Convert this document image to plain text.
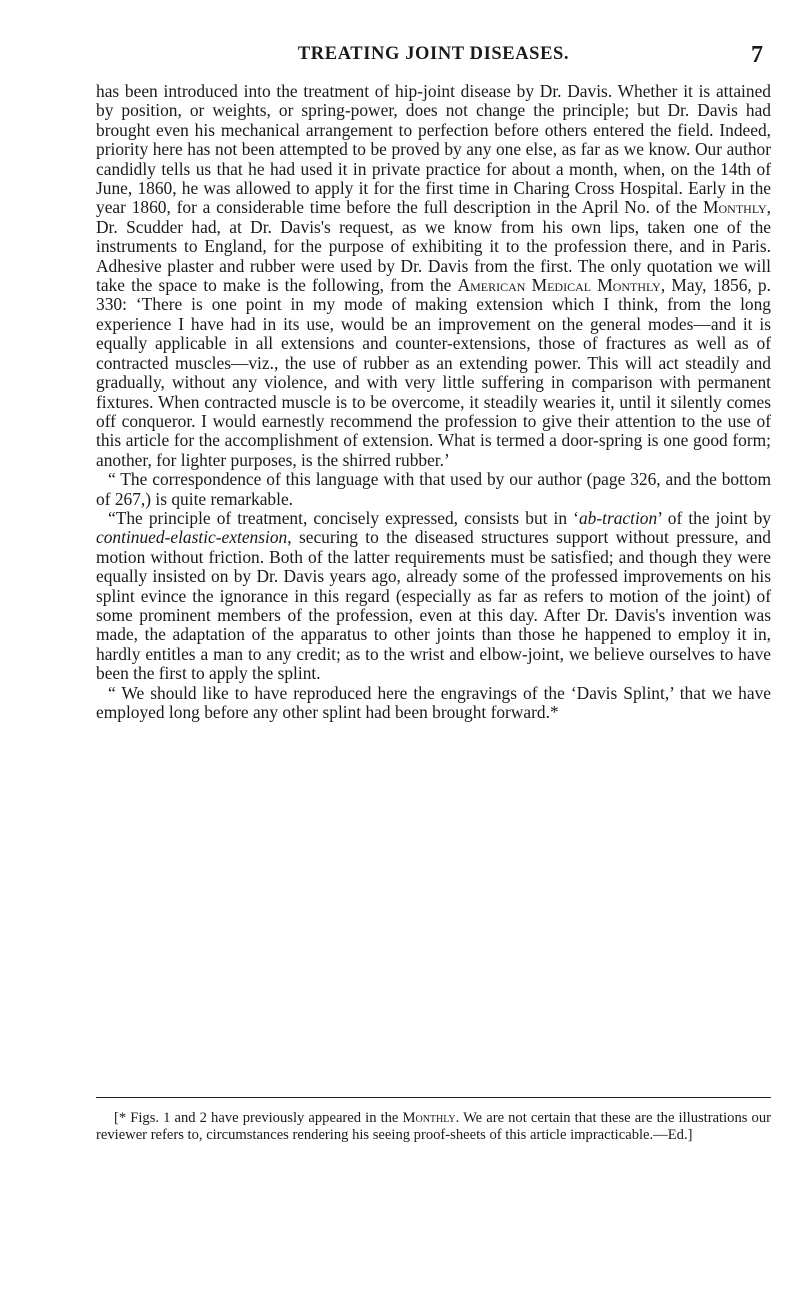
TREATING JOINT DISEASES.	7

has been introduced into the treatment of hip-joint disease by Dr. Davis. Whether it is attained by position, or weights, or spring-power, does not change the principle; but Dr. Davis had brought even his mechanical arrangement to perfection before others entered the field. Indeed, priority here has not been attempted to be proved by any one else, as far as we know. Our author candidly tells us that he had used it in private practice for about a month, when, on the 14th of June, 1860, he was allowed to apply it for the first time in Charing Cross Hospital. Early in the year 1860, for a considerable time before the full description in the April No. of the Monthly, Dr. Scudder had, at Dr. Davis's request, as we know from his own lips, taken one of the instruments to England, for the purpose of exhibiting it to the profession there, and in Paris. Adhesive plaster and rubber were used by Dr. Davis from the first. The only quotation we will take the space to make is the following, from the American Medical Monthly, May, 1856, p. 330: ‘There is one point in my mode of making extension which I think, from the long experience I have had in its use, would be an improvement on the general modes—and it is equally applicable in all extensions and counter-extensions, those of fractures as well as of contracted muscles—viz., the use of rubber as an extending power. This will act steadily and gradually, without any violence, and with very little suffering in comparison with permanent fixtures. When contracted muscle is to be overcome, it steadily wearies it, until it silently comes off conqueror. I would earnestly recommend the profession to give their attention to the use of this article for the accomplishment of extension. What is termed a door-spring is one good form; another, for lighter purposes, is the shirred rubber.’

“ The correspondence of this language with that used by our author (page 326, and the bottom of 267,) is quite remarkable.

“The principle of treatment, concisely expressed, consists but in ‘ab-traction’ of the joint by continued-elastic-extension, securing to the diseased structures support without pressure, and motion without friction. Both of the latter requirements must be satisfied; and though they were equally insisted on by Dr. Davis years ago, already some of the professed improvements on his splint evince the ignorance in this regard (especially as far as refers to motion of the joint) of some prominent members of the profession, even at this day. After Dr. Davis's invention was made, the adaptation of the apparatus to other joints than those he happened to employ it in, hardly entitles a man to any credit; as to the wrist and elbow-joint, we believe ourselves to have been the first to apply the splint.

“ We should like to have reproduced here the engravings of the ‘Davis Splint,’ that we have employed long before any other splint had been brought forward.*

[* Figs. 1 and 2 have previously appeared in the Monthly. We are not certain that these are the illustrations our reviewer refers to, circumstances rendering his seeing proof-sheets of this article impracticable.—Ed.]
